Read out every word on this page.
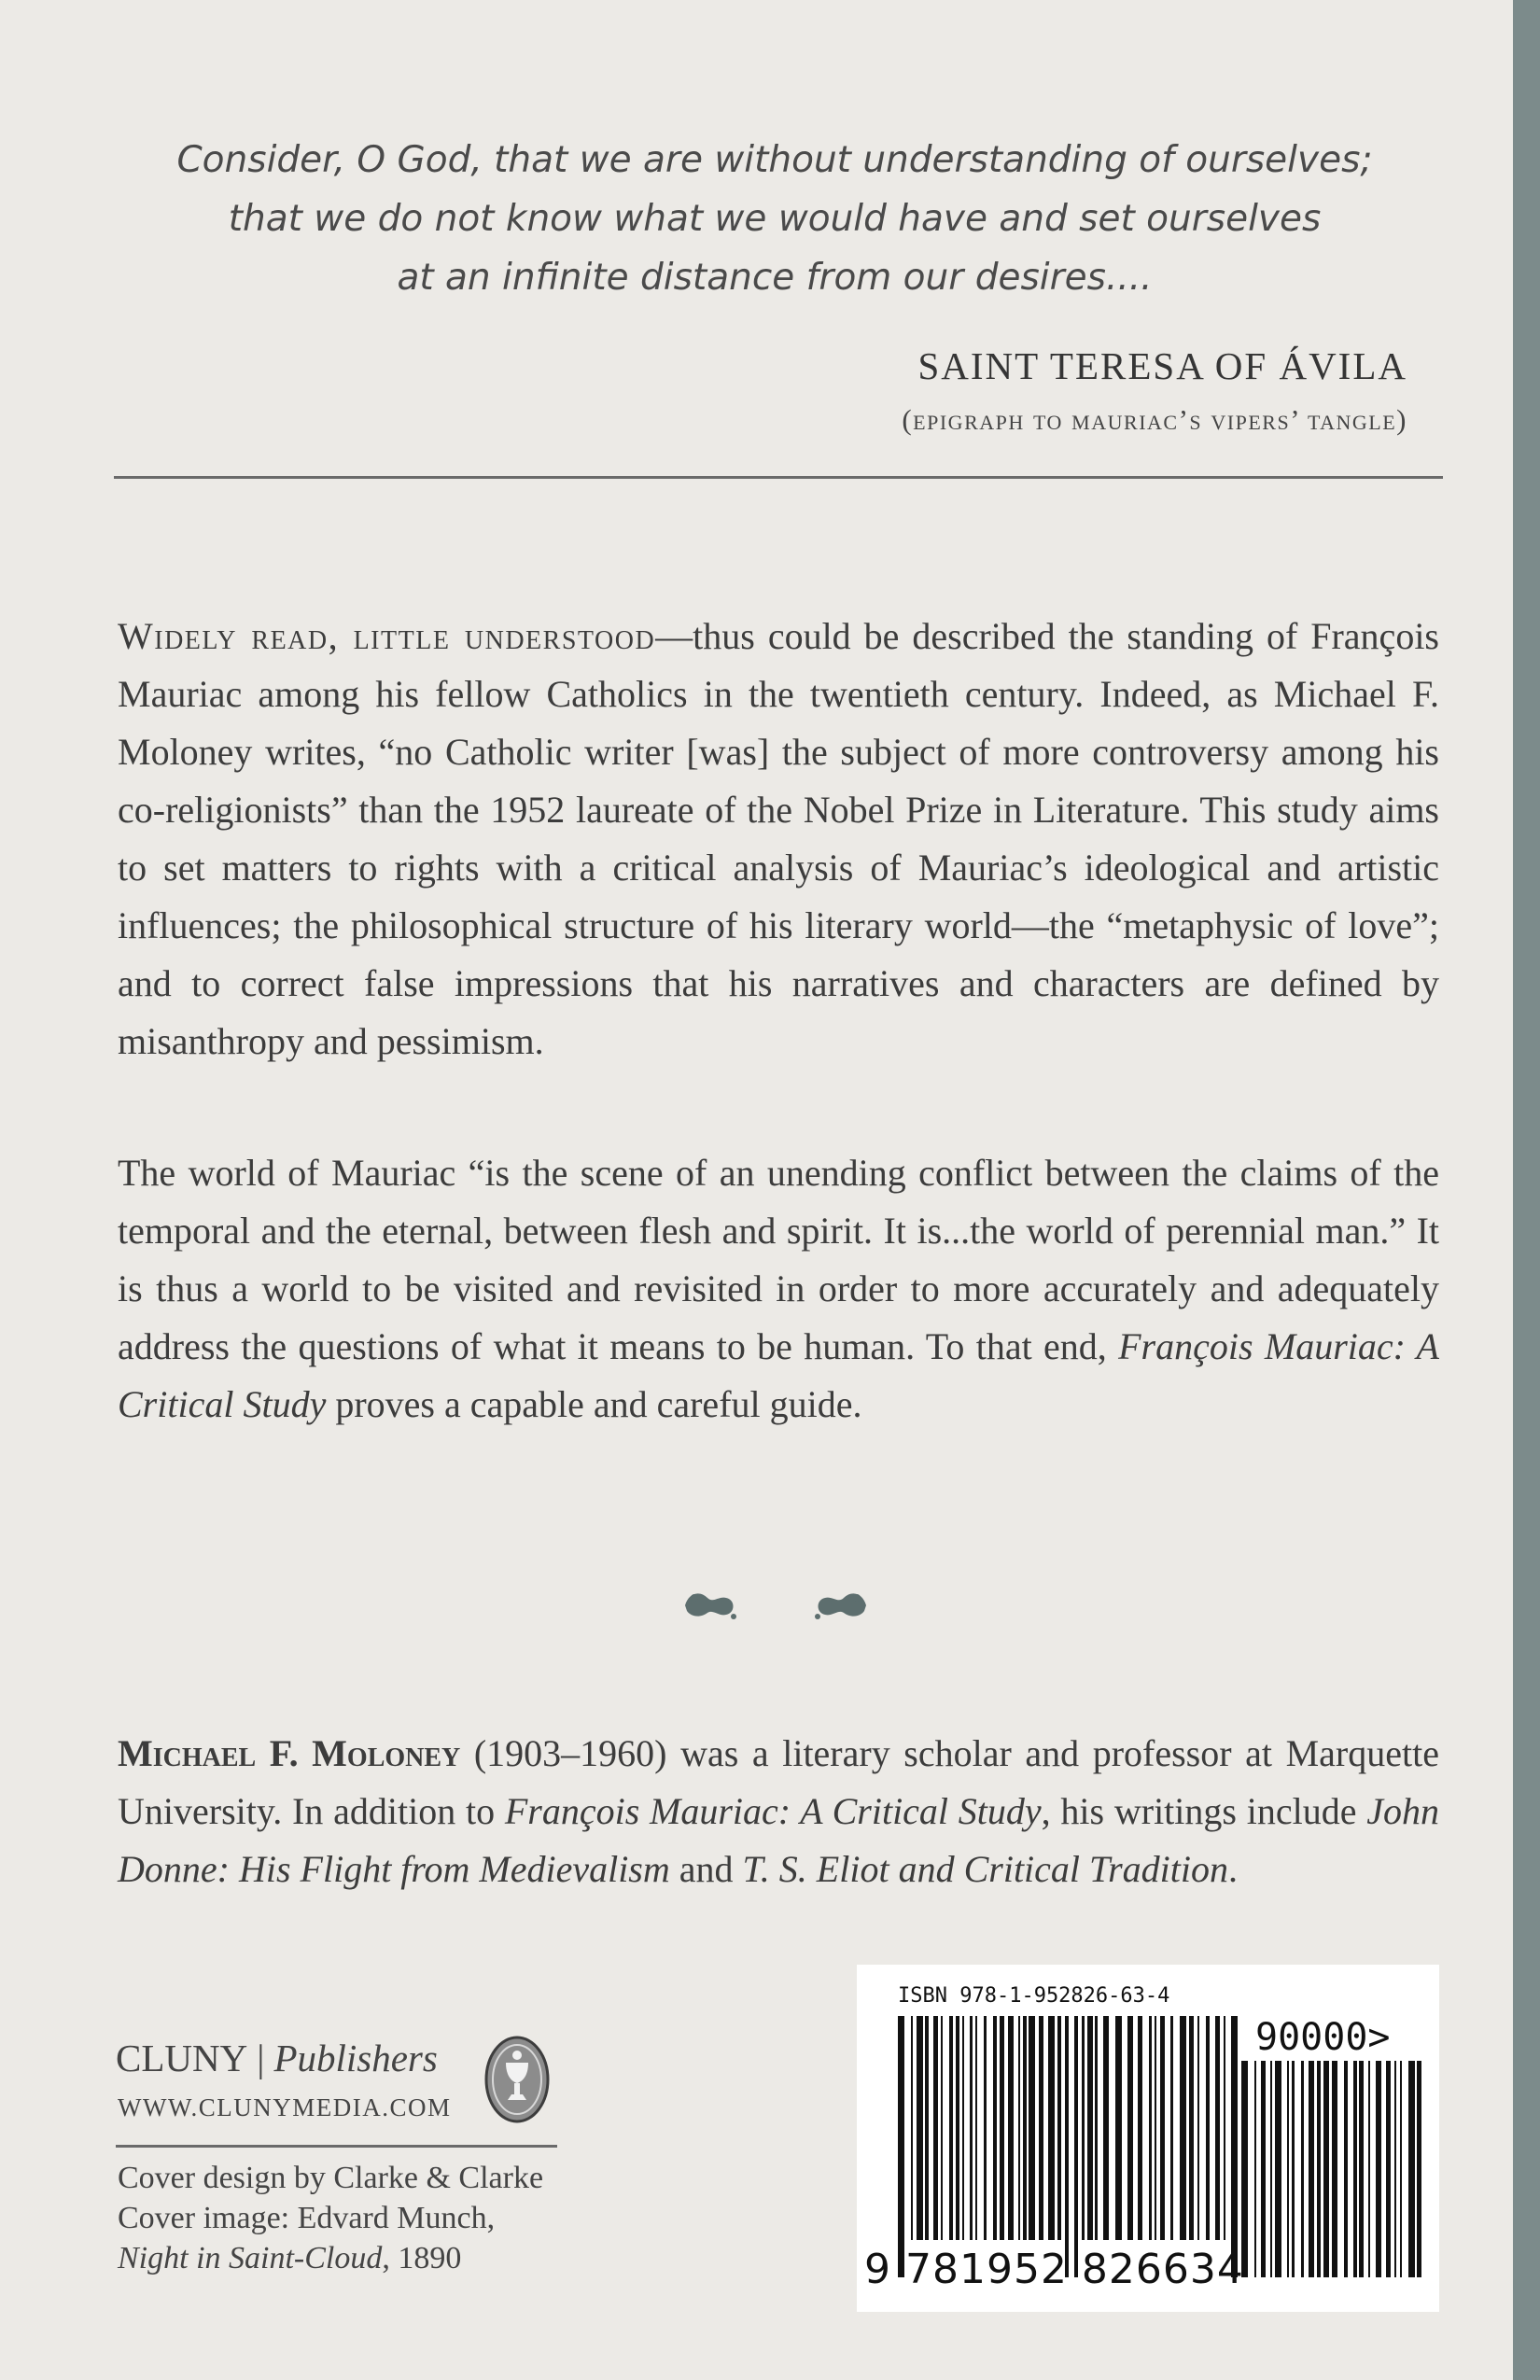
Consider, O God, that we are without understanding of ourselves;
that we do not know what we would have and set ourselves
at an infinite distance from our desires....
SAINT TERESA OF ÁVILA
(epigraph to mauriac’s vipers’ tangle)
Widely read, little understood—thus could be described the standing of François Mauriac among his fellow Catholics in the twentieth century. Indeed, as Michael F. Moloney writes, “no Catholic writer [was] the subject of more controversy among his co-religionists” than the 1952 laureate of the Nobel Prize in Literature. This study aims to set matters to rights with a critical analysis of Mauriac’s ideological and artistic influences; the philosophical structure of his literary world—the “metaphysic of love”; and to correct false impressions that his narratives and characters are defined by misanthropy and pessimism.
The world of Mauriac “is the scene of an unending conflict between the claims of the temporal and the eternal, between flesh and spirit. It is...the world of perennial man.” It is thus a world to be visited and revisited in order to more accurately and adequately address the questions of what it means to be human. To that end, François Mauriac: A Critical Study proves a capable and careful guide.
Michael F. Moloney (1903–1960) was a literary scholar and professor at Marquette University. In addition to François Mauriac: A Critical Study, his writings include John Donne: His Flight from Medievalism and T. S. Eliot and Critical Tradition.
CLUNY | Publishers
WWW.CLUNYMEDIA.COM
Cover design by Clarke & Clarke
Cover image: Edvard Munch,
Night in Saint-Cloud, 1890
ISBN 978-1-952826-63-4
90000>
9 781952 826634
